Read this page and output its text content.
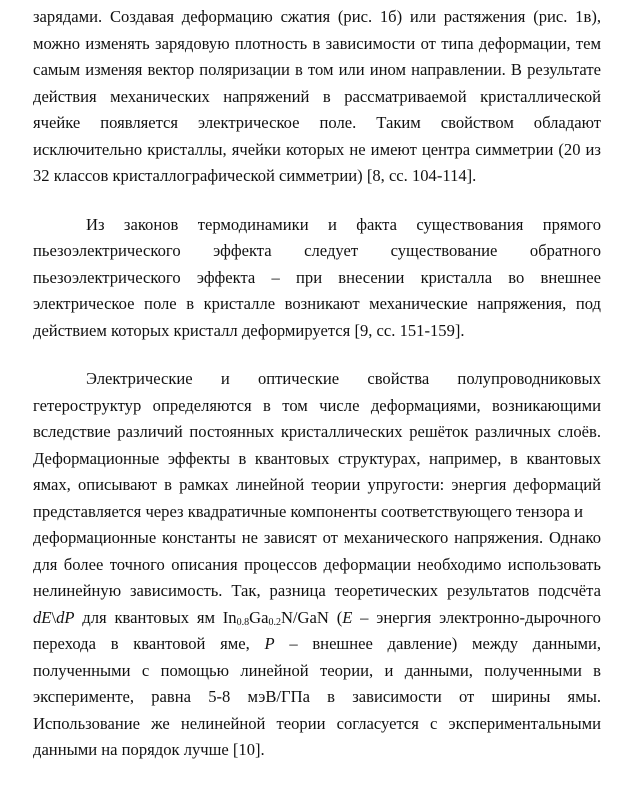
зарядами. Создавая деформацию сжатия (рис. 1б) или растяжения (рис. 1в),
можно изменять зарядовую плотность в зависимости от типа деформации, тем
самым изменяя вектор поляризации в том или ином направлении. В результате
действия механических напряжений в рассматриваемой кристаллической
ячейке появляется электрическое поле. Таким свойством обладают
исключительно кристаллы, ячейки которых не имеют центра симметрии (20 из
32 классов кристаллографической симметрии) [8, сс. 104-114].

Из законов термодинамики и факта существования прямого
пьезоэлектрического эффекта следует существование обратного
пьезоэлектрического эффекта – при внесении кристалла во внешнее
электрическое поле в кристалле возникают механические напряжения, под
действием которых кристалл деформируется [9, сс. 151-159].

Электрические и оптические свойства полупроводниковых
гетероструктур определяются в том числе деформациями, возникающими
вследствие различий постоянных кристаллических решёток различных слоёв.
Деформационные эффекты в квантовых структурах, например, в квантовых
ямах, описывают в рамках линейной теории упругости: энергия деформаций
представляется через квадратичные компоненты соответствующего тензора и
деформационные константы не зависят от механического напряжения. Однако
для более точного описания процессов деформации необходимо использовать
нелинейную зависимость. Так, разница теоретических результатов подсчёта
dE\dP для квантовых ям $In_{0.8}Ga_{0.2}N$/GaN (E – энергия электронно-дырочного
перехода в квантовой яме, P – внешнее давление) между данными,
полученными с помощью линейной теории, и данными, полученными в
эксперименте, равна 5-8 мэВ/ГПа в зависимости от ширины ямы.
Использование же нелинейной теории согласуется с экспериментальными
данными на порядок лучше [10].
